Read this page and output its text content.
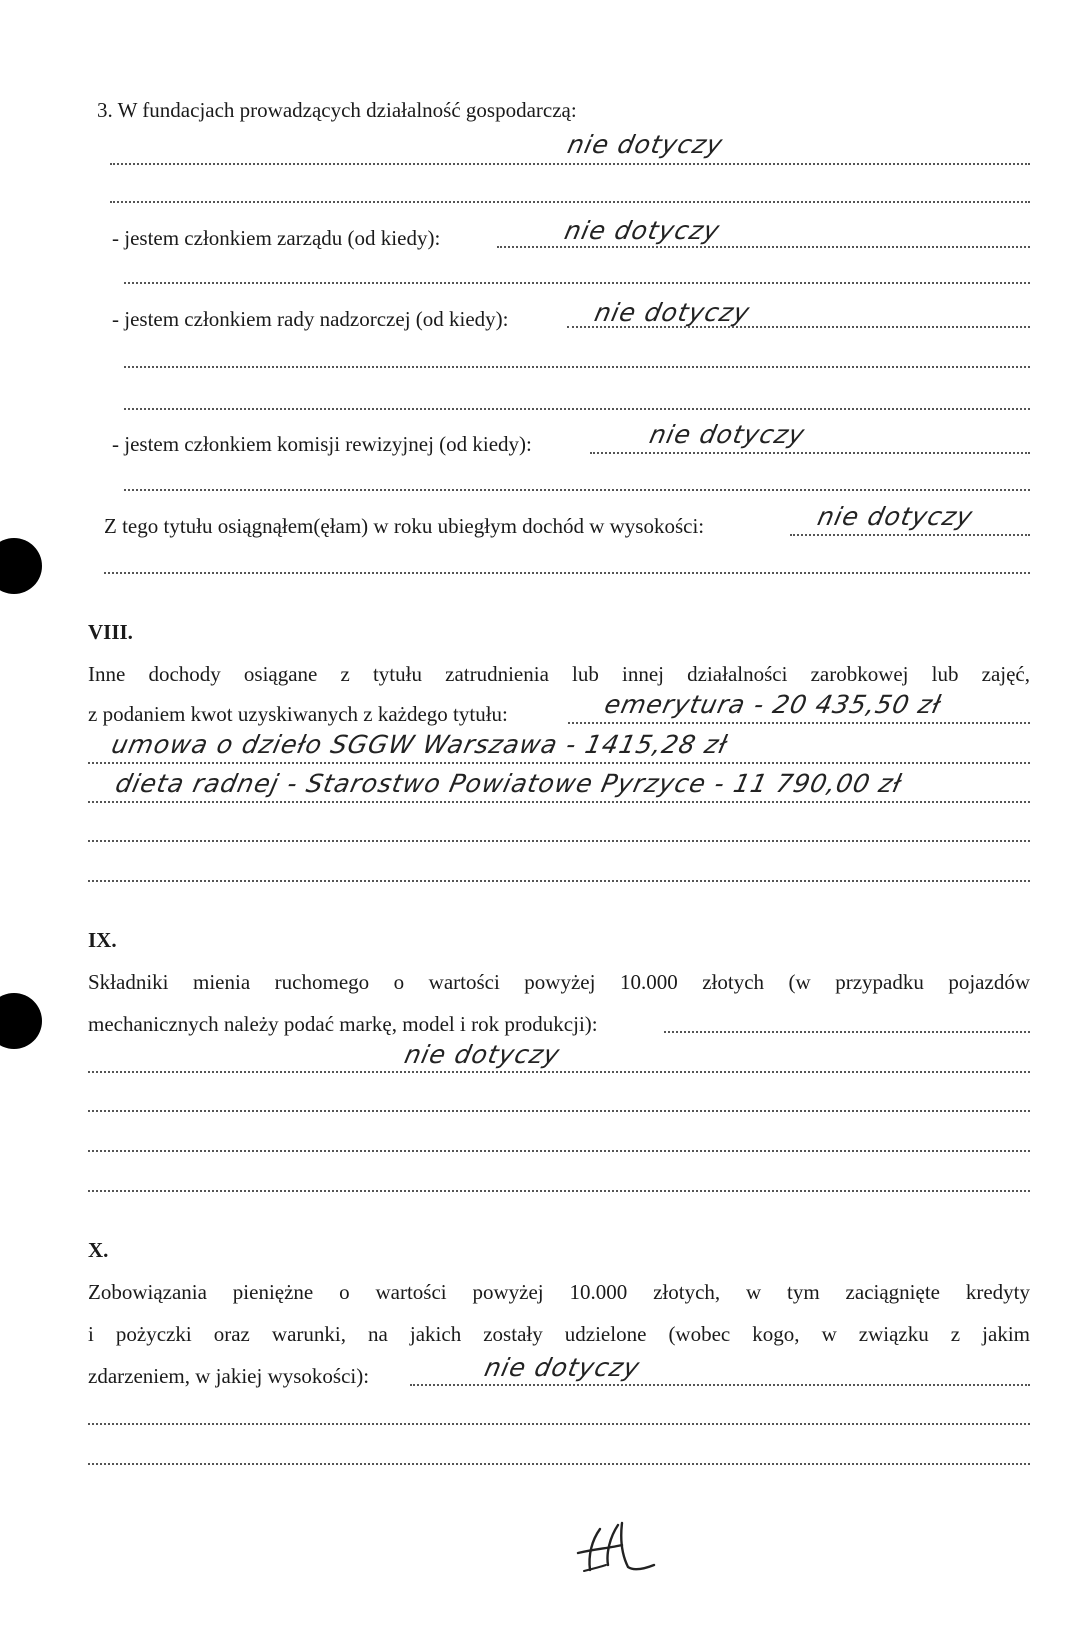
3. W fundacjach prowadzących działalność gospodarczą:
nie dotyczy
- jestem członkiem zarządu (od kiedy):	nie dotyczy
- jestem członkiem rady nadzorczej (od kiedy):	nie dotyczy
- jestem członkiem komisji rewizyjnej (od kiedy):	nie dotyczy
Z tego tytułu osiągnąłem(ęłam) w roku ubiegłym dochód w wysokości:	nie dotyczy
VIII.
Inne dochody osiągane z tytułu zatrudnienia lub innej działalności zarobkowej lub zajęć,
z podaniem kwot uzyskiwanych z każdego tytułu:	emerytura - 20 435,50 zł
umowa o dzieło SGGW Warszawa - 1415,28 zł
dieta radnej - Starostwo Powiatowe Pyrzyce - 11 790,00 zł
IX.
Składniki mienia ruchomego o wartości powyżej 10.000 złotych (w przypadku pojazdów
mechanicznych należy podać markę, model i rok produkcji):
nie dotyczy
X.
Zobowiązania pieniężne o wartości powyżej 10.000 złotych, w tym zaciągnięte kredyty
i pożyczki oraz warunki, na jakich zostały udzielone (wobec kogo, w związku z jakim
zdarzeniem, w jakiej wysokości):	nie dotyczy
